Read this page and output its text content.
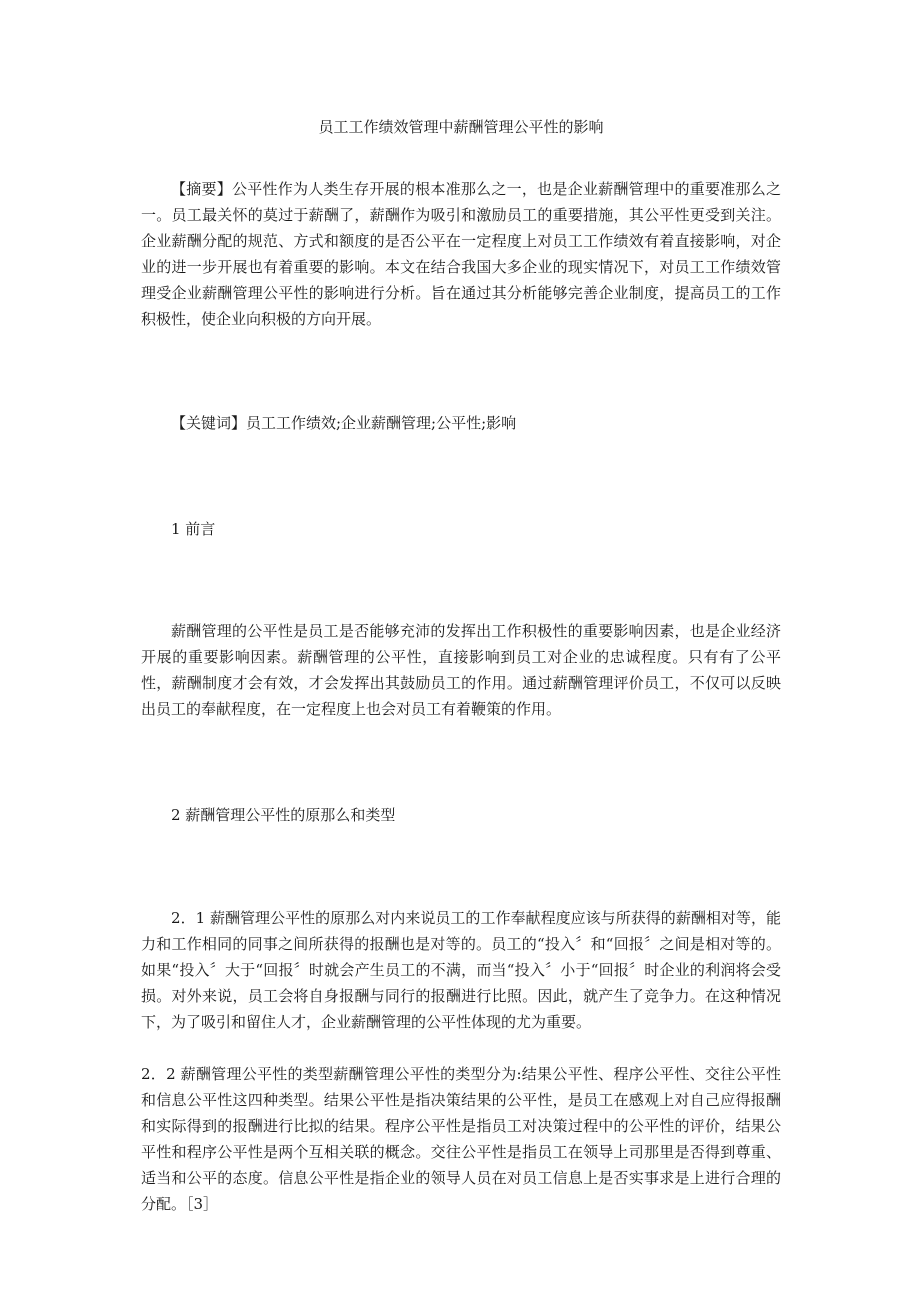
员工工作绩效管理中薪酬管理公平性的影响

【摘要】公平性作为人类生存开展的根本准那么之一，也是企业薪酬管理中的重要准那么之一。员工最关怀的莫过于薪酬了，薪酬作为吸引和激励员工的重要措施，其公平性更受到关注。企业薪酬分配的规范、方式和额度的是否公平在一定程度上对员工工作绩效有着直接影响，对企业的进一步开展也有着重要的影响。本文在结合我国大多企业的现实情况下，对员工工作绩效管理受企业薪酬管理公平性的影响进行分析。旨在通过其分析能够完善企业制度，提高员工的工作积极性，使企业向积极的方向开展。

【关键词】员工工作绩效;企业薪酬管理;公平性;影响

1 前言

薪酬管理的公平性是员工是否能够充沛的发挥出工作积极性的重要影响因素，也是企业经济开展的重要影响因素。薪酬管理的公平性，直接影响到员工对企业的忠诚程度。只有有了公平性，薪酬制度才会有效，才会发挥出其鼓励员工的作用。通过薪酬管理评价员工，不仅可以反映出员工的奉献程度，在一定程度上也会对员工有着鞭策的作用。

2 薪酬管理公平性的原那么和类型

2．1 薪酬管理公平性的原那么对内来说员工的工作奉献程度应该与所获得的薪酬相对等，能力和工作相同的同事之间所获得的报酬也是对等的。员工的“投入〞和“回报〞之间是相对等的。如果“投入〞大于“回报〞时就会产生员工的不满，而当“投入〞小于“回报〞时企业的利润将会受损。对外来说，员工会将自身报酬与同行的报酬进行比照。因此，就产生了竞争力。在这种情况下，为了吸引和留住人才，企业薪酬管理的公平性体现的尤为重要。

2．2 薪酬管理公平性的类型薪酬管理公平性的类型分为:结果公平性、程序公平性、交往公平性和信息公平性这四种类型。结果公平性是指决策结果的公平性，是员工在感观上对自己应得报酬和实际得到的报酬进行比拟的结果。程序公平性是指员工对决策过程中的公平性的评价，结果公平性和程序公平性是两个互相关联的概念。交往公平性是指员工在领导上司那里是否得到尊重、适当和公平的态度。信息公平性是指企业的领导人员在对员工信息上是否实事求是上进行合理的分配。［3］
